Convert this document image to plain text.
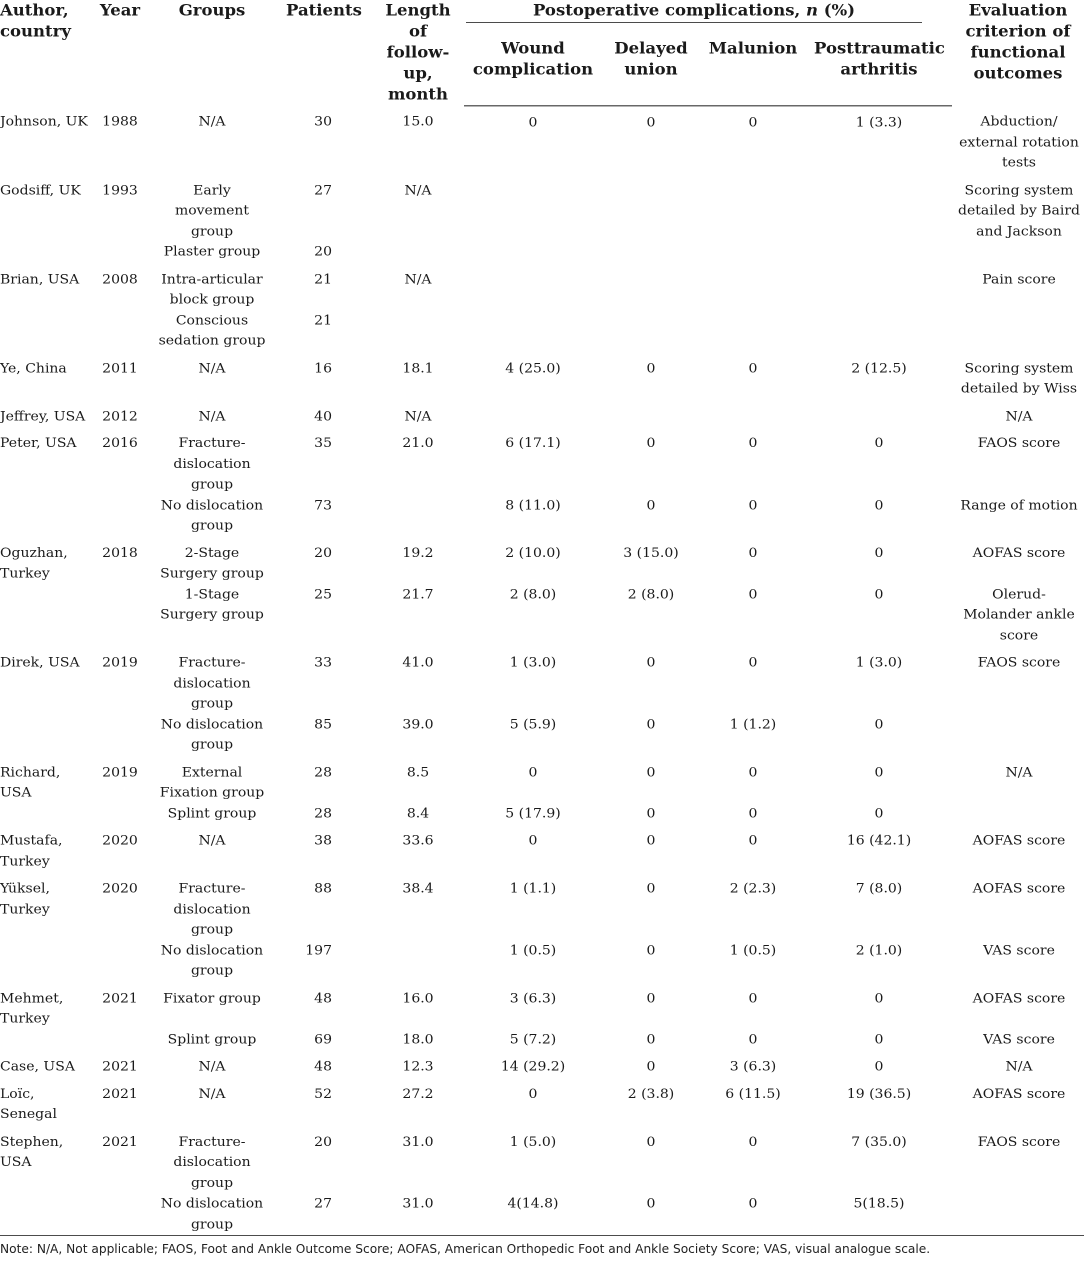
Author, country	Year	Groups	Patients	Length of follow-up, month	Postoperative complications, n (%)				Evaluation criterion of functional outcomes
					Wound complication	Delayed union	Malunion	Posttraumatic arthritis	
Johnson, UK	1988	N/A	30	15.0	0	0	0	1 (3.3)	Abduction/ external rotation tests
Godsiff, UK	1993	Early movement group	27	N/A					Scoring system detailed by Baird and Jackson
		Plaster group	20						
Brian, USA	2008	Intra-articular block group	21	N/A					Pain score
		Conscious sedation group	21						
Ye, China	2011	N/A	16	18.1	4 (25.0)	0	0	2 (12.5)	Scoring system detailed by Wiss
Jeffrey, USA	2012	N/A	40	N/A					N/A
Peter, USA	2016	Fracture-dislocation group	35	21.0	6 (17.1)	0	0	0	FAOS score
		No dislocation group	73		8 (11.0)	0	0	0	Range of motion
Oguzhan, Turkey	2018	2-Stage Surgery group	20	19.2	2 (10.0)	3 (15.0)	0	0	AOFAS score
		1-Stage Surgery group	25	21.7	2 (8.0)	2 (8.0)	0	0	Olerud-Molander ankle score
Direk, USA	2019	Fracture-dislocation group	33	41.0	1 (3.0)	0	0	1 (3.0)	FAOS score
		No dislocation group	85	39.0	5 (5.9)	0	1 (1.2)	0	
Richard, USA	2019	External Fixation group	28	8.5	0	0	0	0	N/A
		Splint group	28	8.4	5 (17.9)	0	0	0	
Mustafa, Turkey	2020	N/A	38	33.6	0	0	0	16 (42.1)	AOFAS score
Yüksel, Turkey	2020	Fracture-dislocation group	88	38.4	1 (1.1)	0	2 (2.3)	7 (8.0)	AOFAS score
		No dislocation group	197		1 (0.5)	0	1 (0.5)	2 (1.0)	VAS score
Mehmet, Turkey	2021	Fixator group	48	16.0	3 (6.3)	0	0	0	AOFAS score
		Splint group	69	18.0	5 (7.2)	0	0	0	VAS score
Case, USA	2021	N/A	48	12.3	14 (29.2)	0	3 (6.3)	0	N/A
Loïc, Senegal	2021	N/A	52	27.2	0	2 (3.8)	6 (11.5)	19 (36.5)	AOFAS score
Stephen, USA	2021	Fracture-dislocation group	20	31.0	1 (5.0)	0	0	7 (35.0)	FAOS score
		No dislocation group	27	31.0	4(14.8)	0	0	5(18.5)	
Note: N/A, Not applicable; FAOS, Foot and Ankle Outcome Score; AOFAS, American Orthopedic Foot and Ankle Society Score; VAS, visual analogue scale.
